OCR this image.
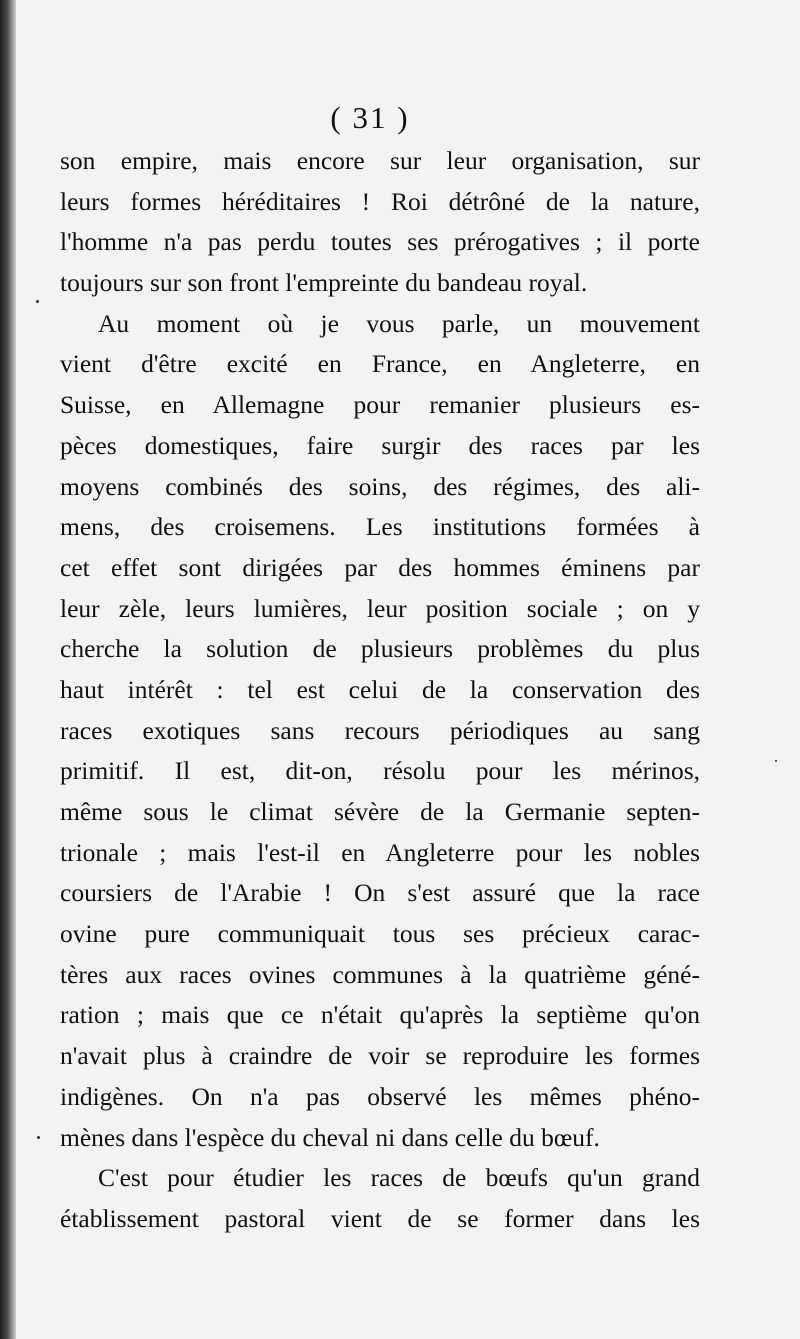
( 31 )
son empire, mais encore sur leur organisation, sur
leurs formes héréditaires ! Roi détrôné de la nature,
l'homme n'a pas perdu toutes ses prérogatives ; il porte
toujours sur son front l'empreinte du bandeau royal.
Au moment où je vous parle, un mouvement
vient d'être excité en France, en Angleterre, en
Suisse, en Allemagne pour remanier plusieurs es-
pèces domestiques, faire surgir des races par les
moyens combinés des soins, des régimes, des ali-
mens, des croisemens. Les institutions formées à
cet effet sont dirigées par des hommes éminens par
leur zèle, leurs lumières, leur position sociale ; on y
cherche la solution de plusieurs problèmes du plus
haut intérêt : tel est celui de la conservation des
races exotiques sans recours périodiques au sang
primitif. Il est, dit-on, résolu pour les mérinos,
même sous le climat sévère de la Germanie septen-
trionale ; mais l'est-il en Angleterre pour les nobles
coursiers de l'Arabie ! On s'est assuré que la race
ovine pure communiquait tous ses précieux carac-
tères aux races ovines communes à la quatrième géné-
ration ; mais que ce n'était qu'après la septième qu'on
n'avait plus à craindre de voir se reproduire les formes
indigènes. On n'a pas observé les mêmes phéno-
mènes dans l'espèce du cheval ni dans celle du bœuf.
C'est pour étudier les races de bœufs qu'un grand
établissement pastoral vient de se former dans les
